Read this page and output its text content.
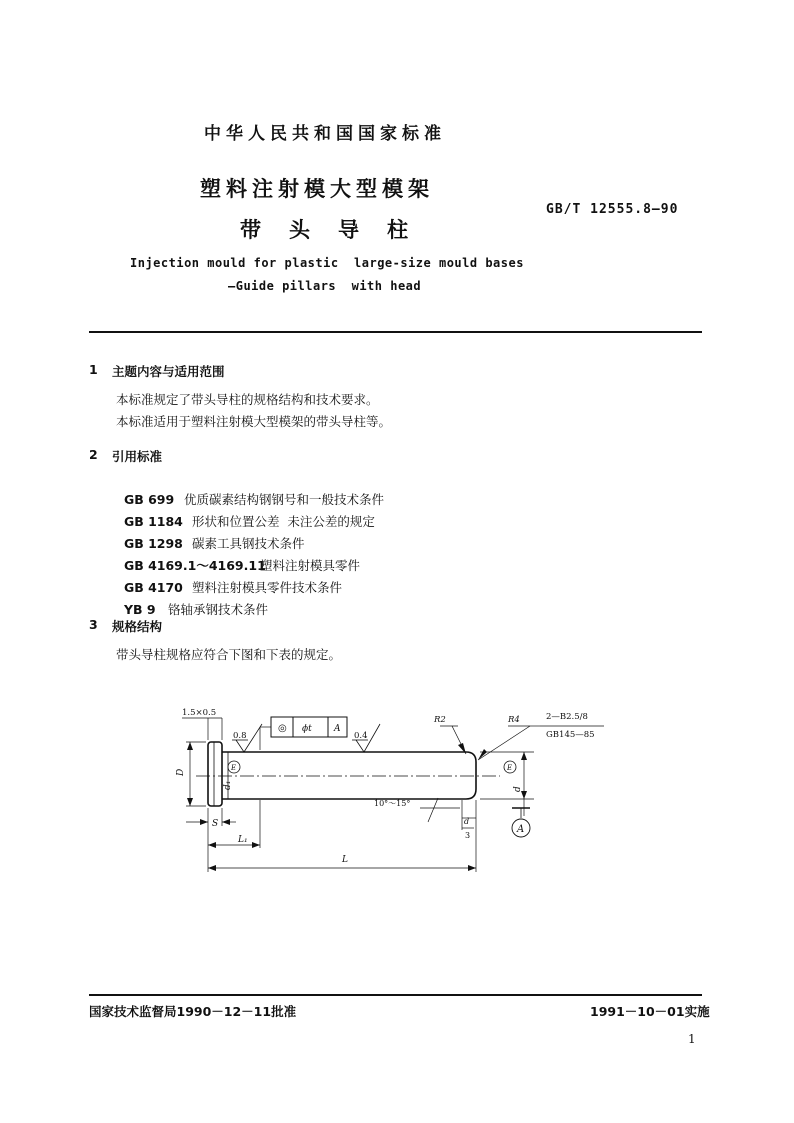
中华人民共和国国家标准
塑料注射模大型模架
带头导柱
GB/T 12555.8—90
Injection mould for plastic  large-size mould bases
—Guide pillars  with head
1 主题内容与适用范围
本标准规定了带头导柱的规格结构和技术要求。
本标准适用于塑料注射模大型模架的带头导柱等。
2 引用标准

GB 699 优质碳素结构钢钢号和一般技术条件

GB 1184 形状和位置公差  未注公差的规定

GB 1298 碳素工具钢技术条件

GB 4169.1～4169.11塑料注射模具零件

GB 4170 塑料注射模具零件技术条件

YB 9 铬轴承钢技术条件

3 规格结构
带头导柱规格应符合下图和下表的规定。
1.5×0.5
◎ ϕt A
0.8	0.4
R2	R4	2—B2.5/8
GB145—85
D
d₁
E	E
d
10°～15°
S
L₁
L
d
3
A
国家技术监督局1990－12－11批准	1991－10－01实施
1
